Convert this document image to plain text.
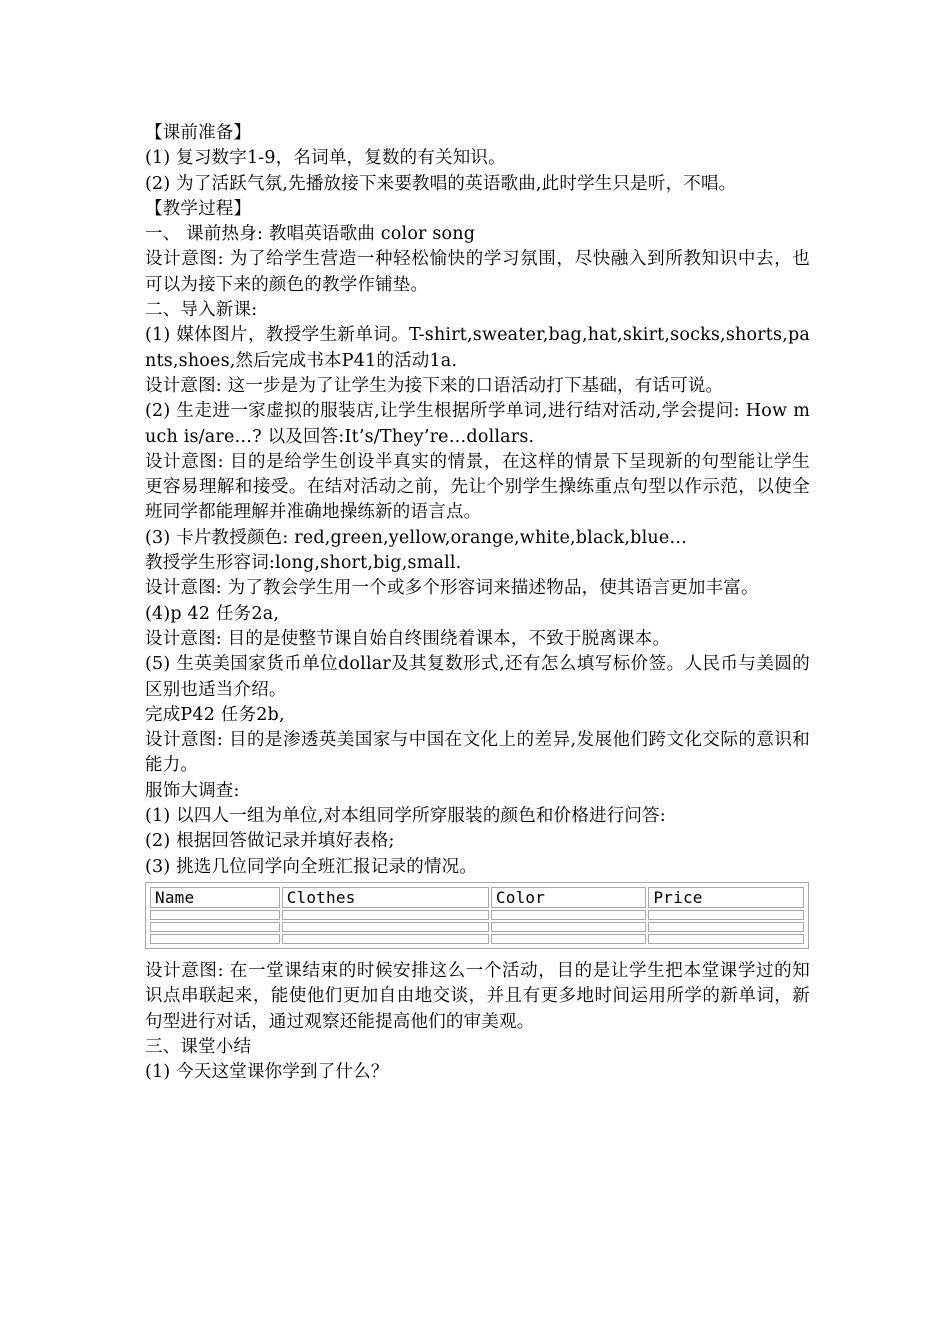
【课前准备】

(1) 复习数字1-9，名词单，复数的有关知识。

(2) 为了活跃气氛,先播放接下来要教唱的英语歌曲,此时学生只是听，不唱。

【教学过程】

一、 课前热身: 教唱英语歌曲 color song

设计意图: 为了给学生营造一种轻松愉快的学习氛围，尽快融入到所教知识中去，也可以为接下来的颜色的教学作铺垫。

二、导入新课:

(1) 媒体图片，教授学生新单词。T-shirt,sweater,bag,hat,skirt,socks,shorts,pants,shoes,然后完成书本P41的活动1a.

设计意图: 这一步是为了让学生为接下来的口语活动打下基础，有话可说。

(2) 生走进一家虚拟的服装店,让学生根据所学单词,进行结对活动,学会提问: How much is/are…? 以及回答:It’s/They’re…dollars.

设计意图: 目的是给学生创设半真实的情景，在这样的情景下呈现新的句型能让学生更容易理解和接受。在结对活动之前，先让个别学生操练重点句型以作示范，以使全班同学都能理解并准确地操练新的语言点。

(3) 卡片教授颜色: red,green,yellow,orange,white,black,blue…

教授学生形容词:long,short,big,small.

设计意图: 为了教会学生用一个或多个形容词来描述物品，使其语言更加丰富。

(4)p 42 任务2a,

设计意图: 目的是使整节课自始自终围绕着课本，不致于脱离课本。

(5) 生英美国家货币单位dollar及其复数形式,还有怎么填写标价签。人民币与美圆的区别也适当介绍。

完成P42 任务2b,

设计意图: 目的是渗透英美国家与中国在文化上的差异,发展他们跨文化交际的意识和能力。

服饰大调查:

(1) 以四人一组为单位,对本组同学所穿服装的颜色和价格进行问答:

(2) 根据回答做记录并填好表格;

(3) 挑选几位同学向全班汇报记录的情况。

Name	Clothes	Color	Price

设计意图: 在一堂课结束的时候安排这么一个活动，目的是让学生把本堂课学过的知识点串联起来，能使他们更加自由地交谈，并且有更多地时间运用所学的新单词，新句型进行对话，通过观察还能提高他们的审美观。

三、课堂小结

(1) 今天这堂课你学到了什么？
